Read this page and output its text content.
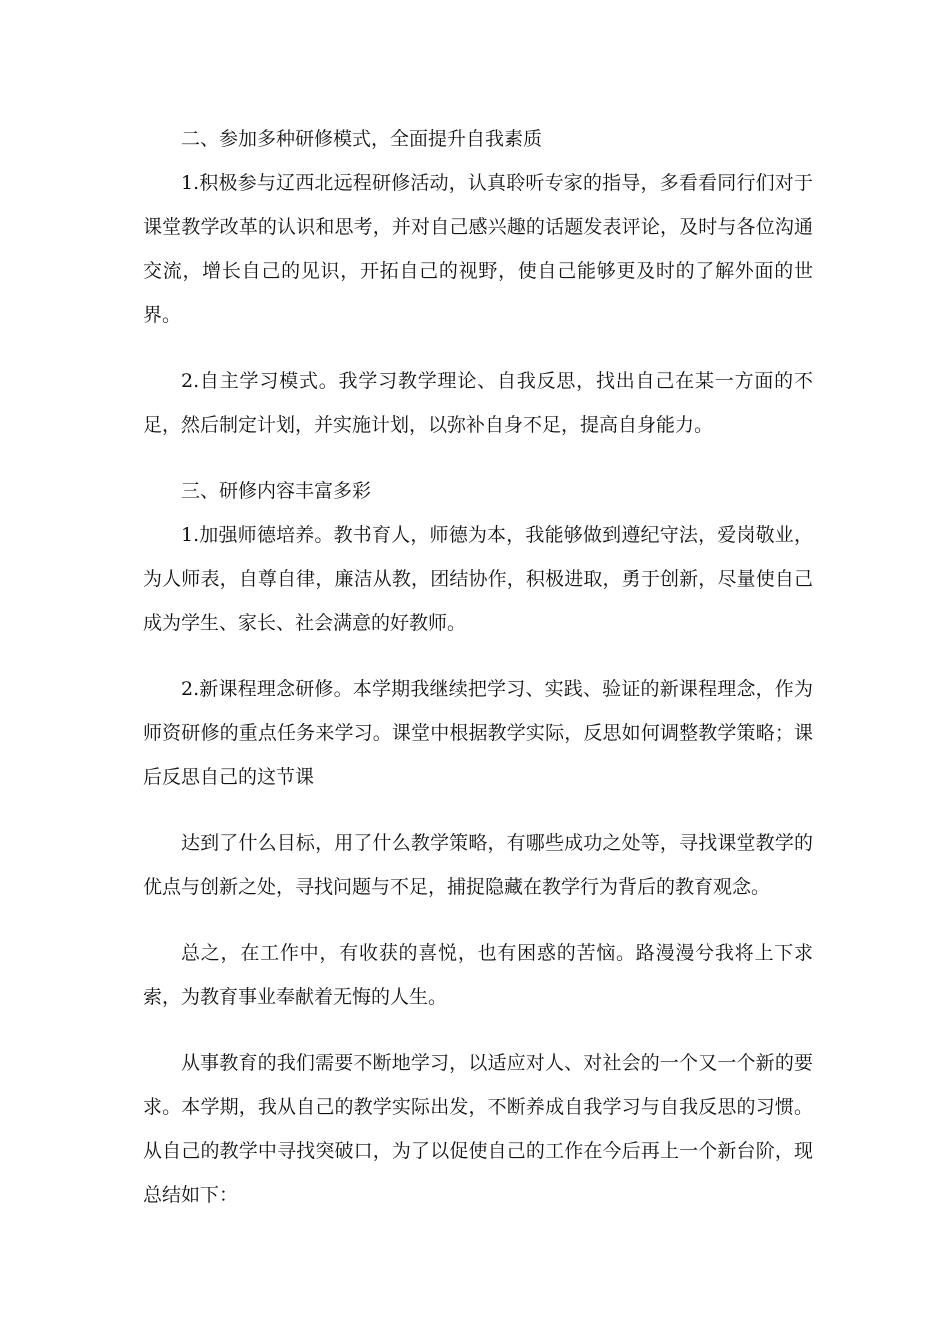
二、参加多种研修模式，全面提升自我素质

1.积极参与辽西北远程研修活动，认真聆听专家的指导，多看看同行们对于课堂教学改革的认识和思考，并对自己感兴趣的话题发表评论，及时与各位沟通交流，增长自己的见识，开拓自己的视野，使自己能够更及时的了解外面的世界。

2.自主学习模式。我学习教学理论、自我反思，找出自己在某一方面的不足，然后制定计划，并实施计划，以弥补自身不足，提高自身能力。

三、研修内容丰富多彩

1.加强师德培养。教书育人，师德为本，我能够做到遵纪守法，爱岗敬业，为人师表，自尊自律，廉洁从教，团结协作，积极进取，勇于创新，尽量使自己成为学生、家长、社会满意的好教师。

2.新课程理念研修。本学期我继续把学习、实践、验证的新课程理念，作为师资研修的重点任务来学习。课堂中根据教学实际，反思如何调整教学策略；课后反思自己的这节课

达到了什么目标，用了什么教学策略，有哪些成功之处等，寻找课堂教学的优点与创新之处，寻找问题与不足，捕捉隐藏在教学行为背后的教育观念。

总之，在工作中，有收获的喜悦，也有困惑的苦恼。路漫漫兮我将上下求索，为教育事业奉献着无悔的人生。

从事教育的我们需要不断地学习，以适应对人、对社会的一个又一个新的要求。本学期，我从自己的教学实际出发，不断养成自我学习与自我反思的习惯。从自己的教学中寻找突破口，为了以促使自己的工作在今后再上一个新台阶，现总结如下：
